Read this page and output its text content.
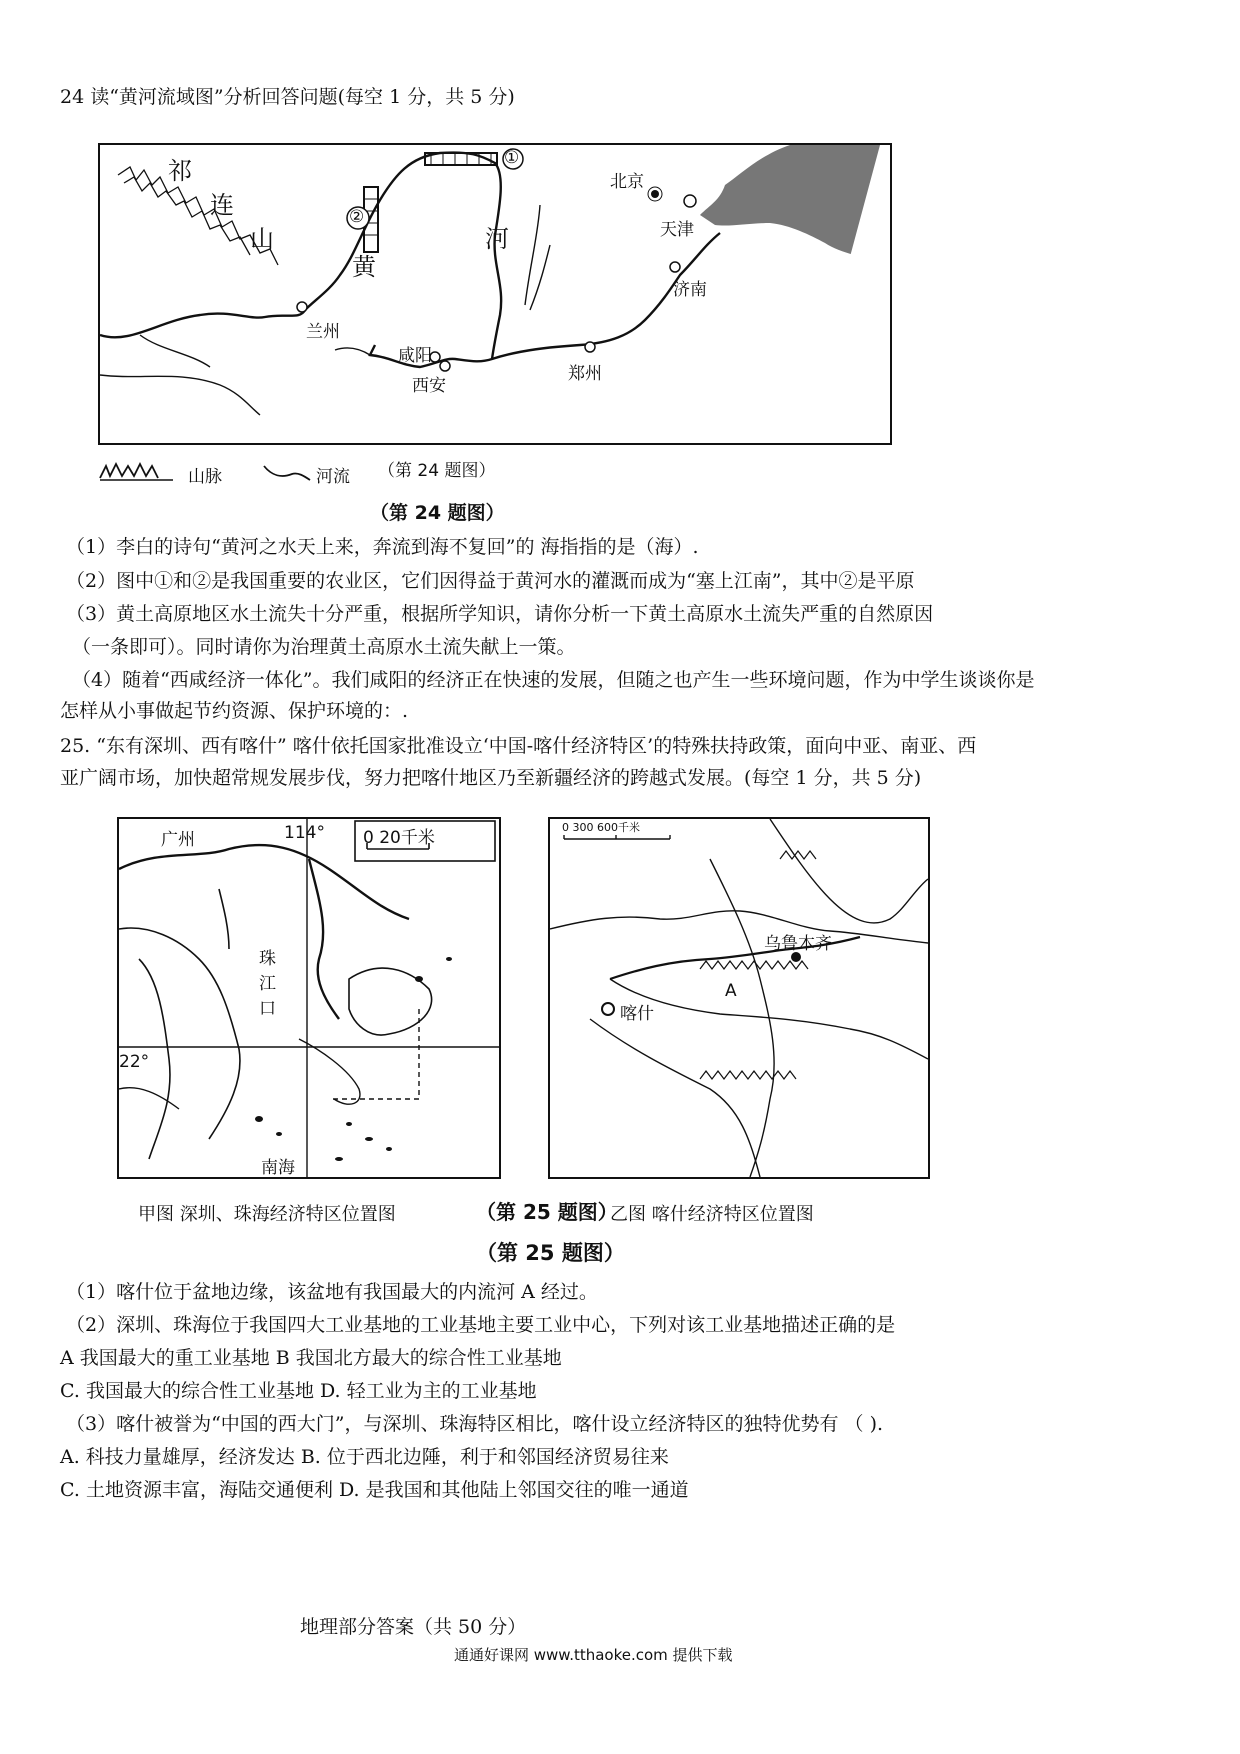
24 读“黄河流域图”分析回答问题(每空 1 分，共 5 分)
祁
连
山
黄
河
①
②
北京
天津
济南
兰州
咸阳
西安
郑州
山脉	河流 （第 24 题图）
（第 24 题图）
（1）李白的诗句“黄河之水天上来，奔流到海不复回”的 海指指的是（海）.
（2）图中①和②是我国重要的农业区，它们因得益于黄河水的灌溉而成为“塞上江南”，其中②是平原
（3）黄土高原地区水土流失十分严重，根据所学知识，请你分析一下黄土高原水土流失严重的自然原因
（一条即可）。同时请你为治理黄土高原水土流失献上一策。
（4）随着“西咸经济一体化”。我们咸阳的经济正在快速的发展，但随之也产生一些环境问题，作为中学生谈谈你是
怎样从小事做起节约资源、保护环境的：.
25. “东有深圳、西有喀什” 喀什依托国家批准设立‘中国-喀什经济特区’的特殊扶持政策，面向中亚、南亚、西
亚广阔市场，加快超常规发展步伐，努力把喀什地区乃至新疆经济的跨越式发展。(每空 1 分，共 5 分)
广州	114° 0 20千米
珠
江
口
22°
南海
0 300 600千米
乌鲁木齐
喀什
A
甲图 深圳、珠海经济特区位置图	（第 25 题图）
乙图 喀什经济特区位置图
（第 25 题图）
（1）喀什位于盆地边缘，该盆地有我国最大的内流河 A 经过。
（2）深圳、珠海位于我国四大工业基地的工业基地主要工业中心，下列对该工业基地描述正确的是
A 我国最大的重工业基地 B 我国北方最大的综合性工业基地
C. 我国最大的综合性工业基地 D. 轻工业为主的工业基地
（3）喀什被誉为“中国的西大门”，与深圳、珠海特区相比，喀什设立经济特区的独特优势有 （ ).
A. 科技力量雄厚，经济发达 B. 位于西北边陲，利于和邻国经济贸易往来
C. 土地资源丰富，海陆交通便利 D. 是我国和其他陆上邻国交往的唯一通道
地理部分答案（共 50 分）
通通好课网 www.tthaoke.com 提供下载
